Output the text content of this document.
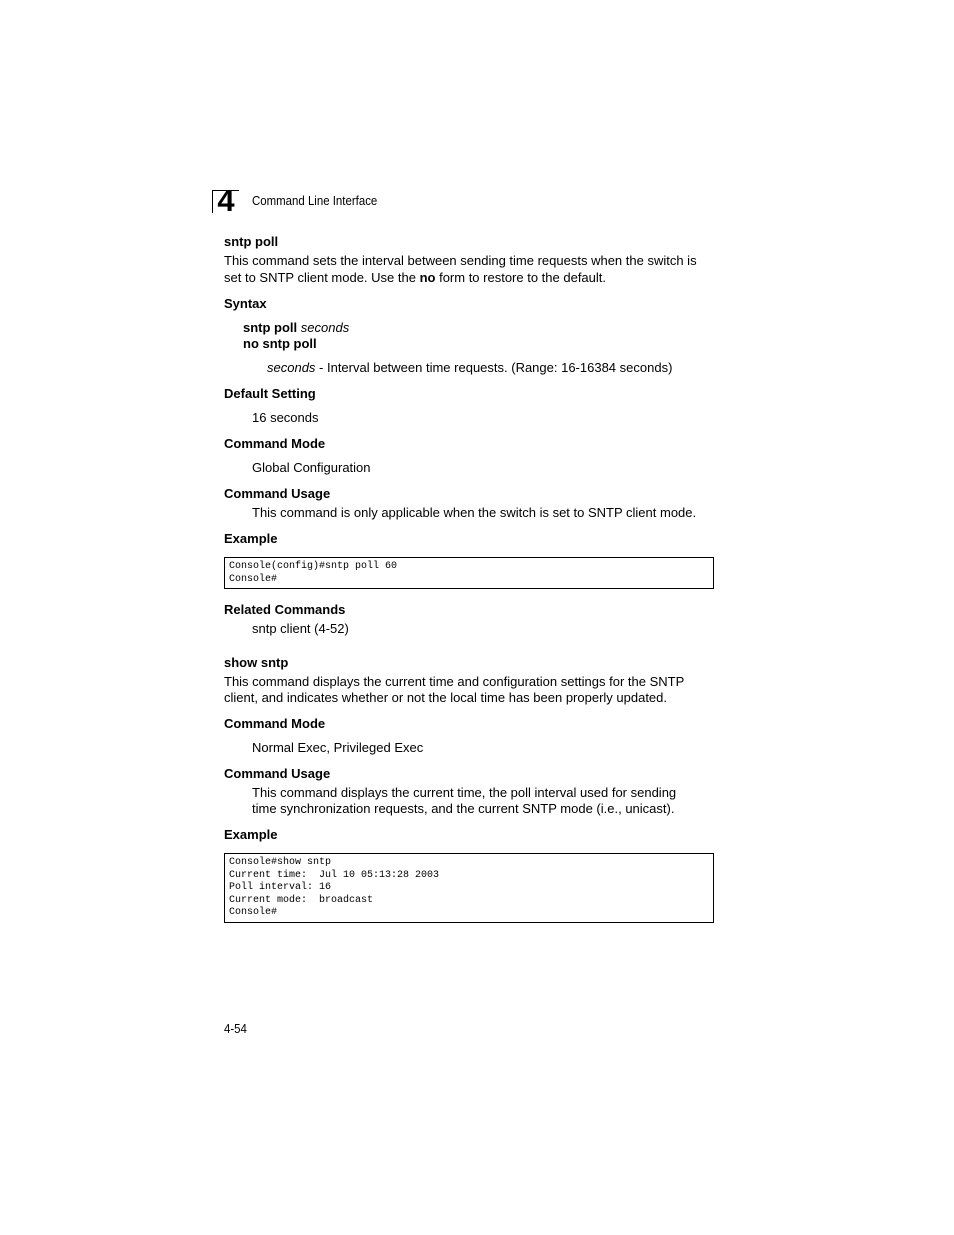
4	Command Line Interface
sntp poll
This command sets the interval between sending time requests when the switch is
set to SNTP client mode. Use the no form to restore to the default.
Syntax
sntp poll seconds
no sntp poll
seconds - Interval between time requests. (Range: 16-16384 seconds)
Default Setting
16 seconds
Command Mode
Global Configuration
Command Usage
This command is only applicable when the switch is set to SNTP client mode.
Example
Console(config)#sntp poll 60
Console#
Related Commands
sntp client (4-52)
show sntp
This command displays the current time and configuration settings for the SNTP
client, and indicates whether or not the local time has been properly updated.
Command Mode
Normal Exec, Privileged Exec
Command Usage
This command displays the current time, the poll interval used for sending
time synchronization requests, and the current SNTP mode (i.e., unicast).
Example
Console#show sntp
Current time:  Jul 10 05:13:28 2003
Poll interval: 16
Current mode:  broadcast
Console#
4-54
